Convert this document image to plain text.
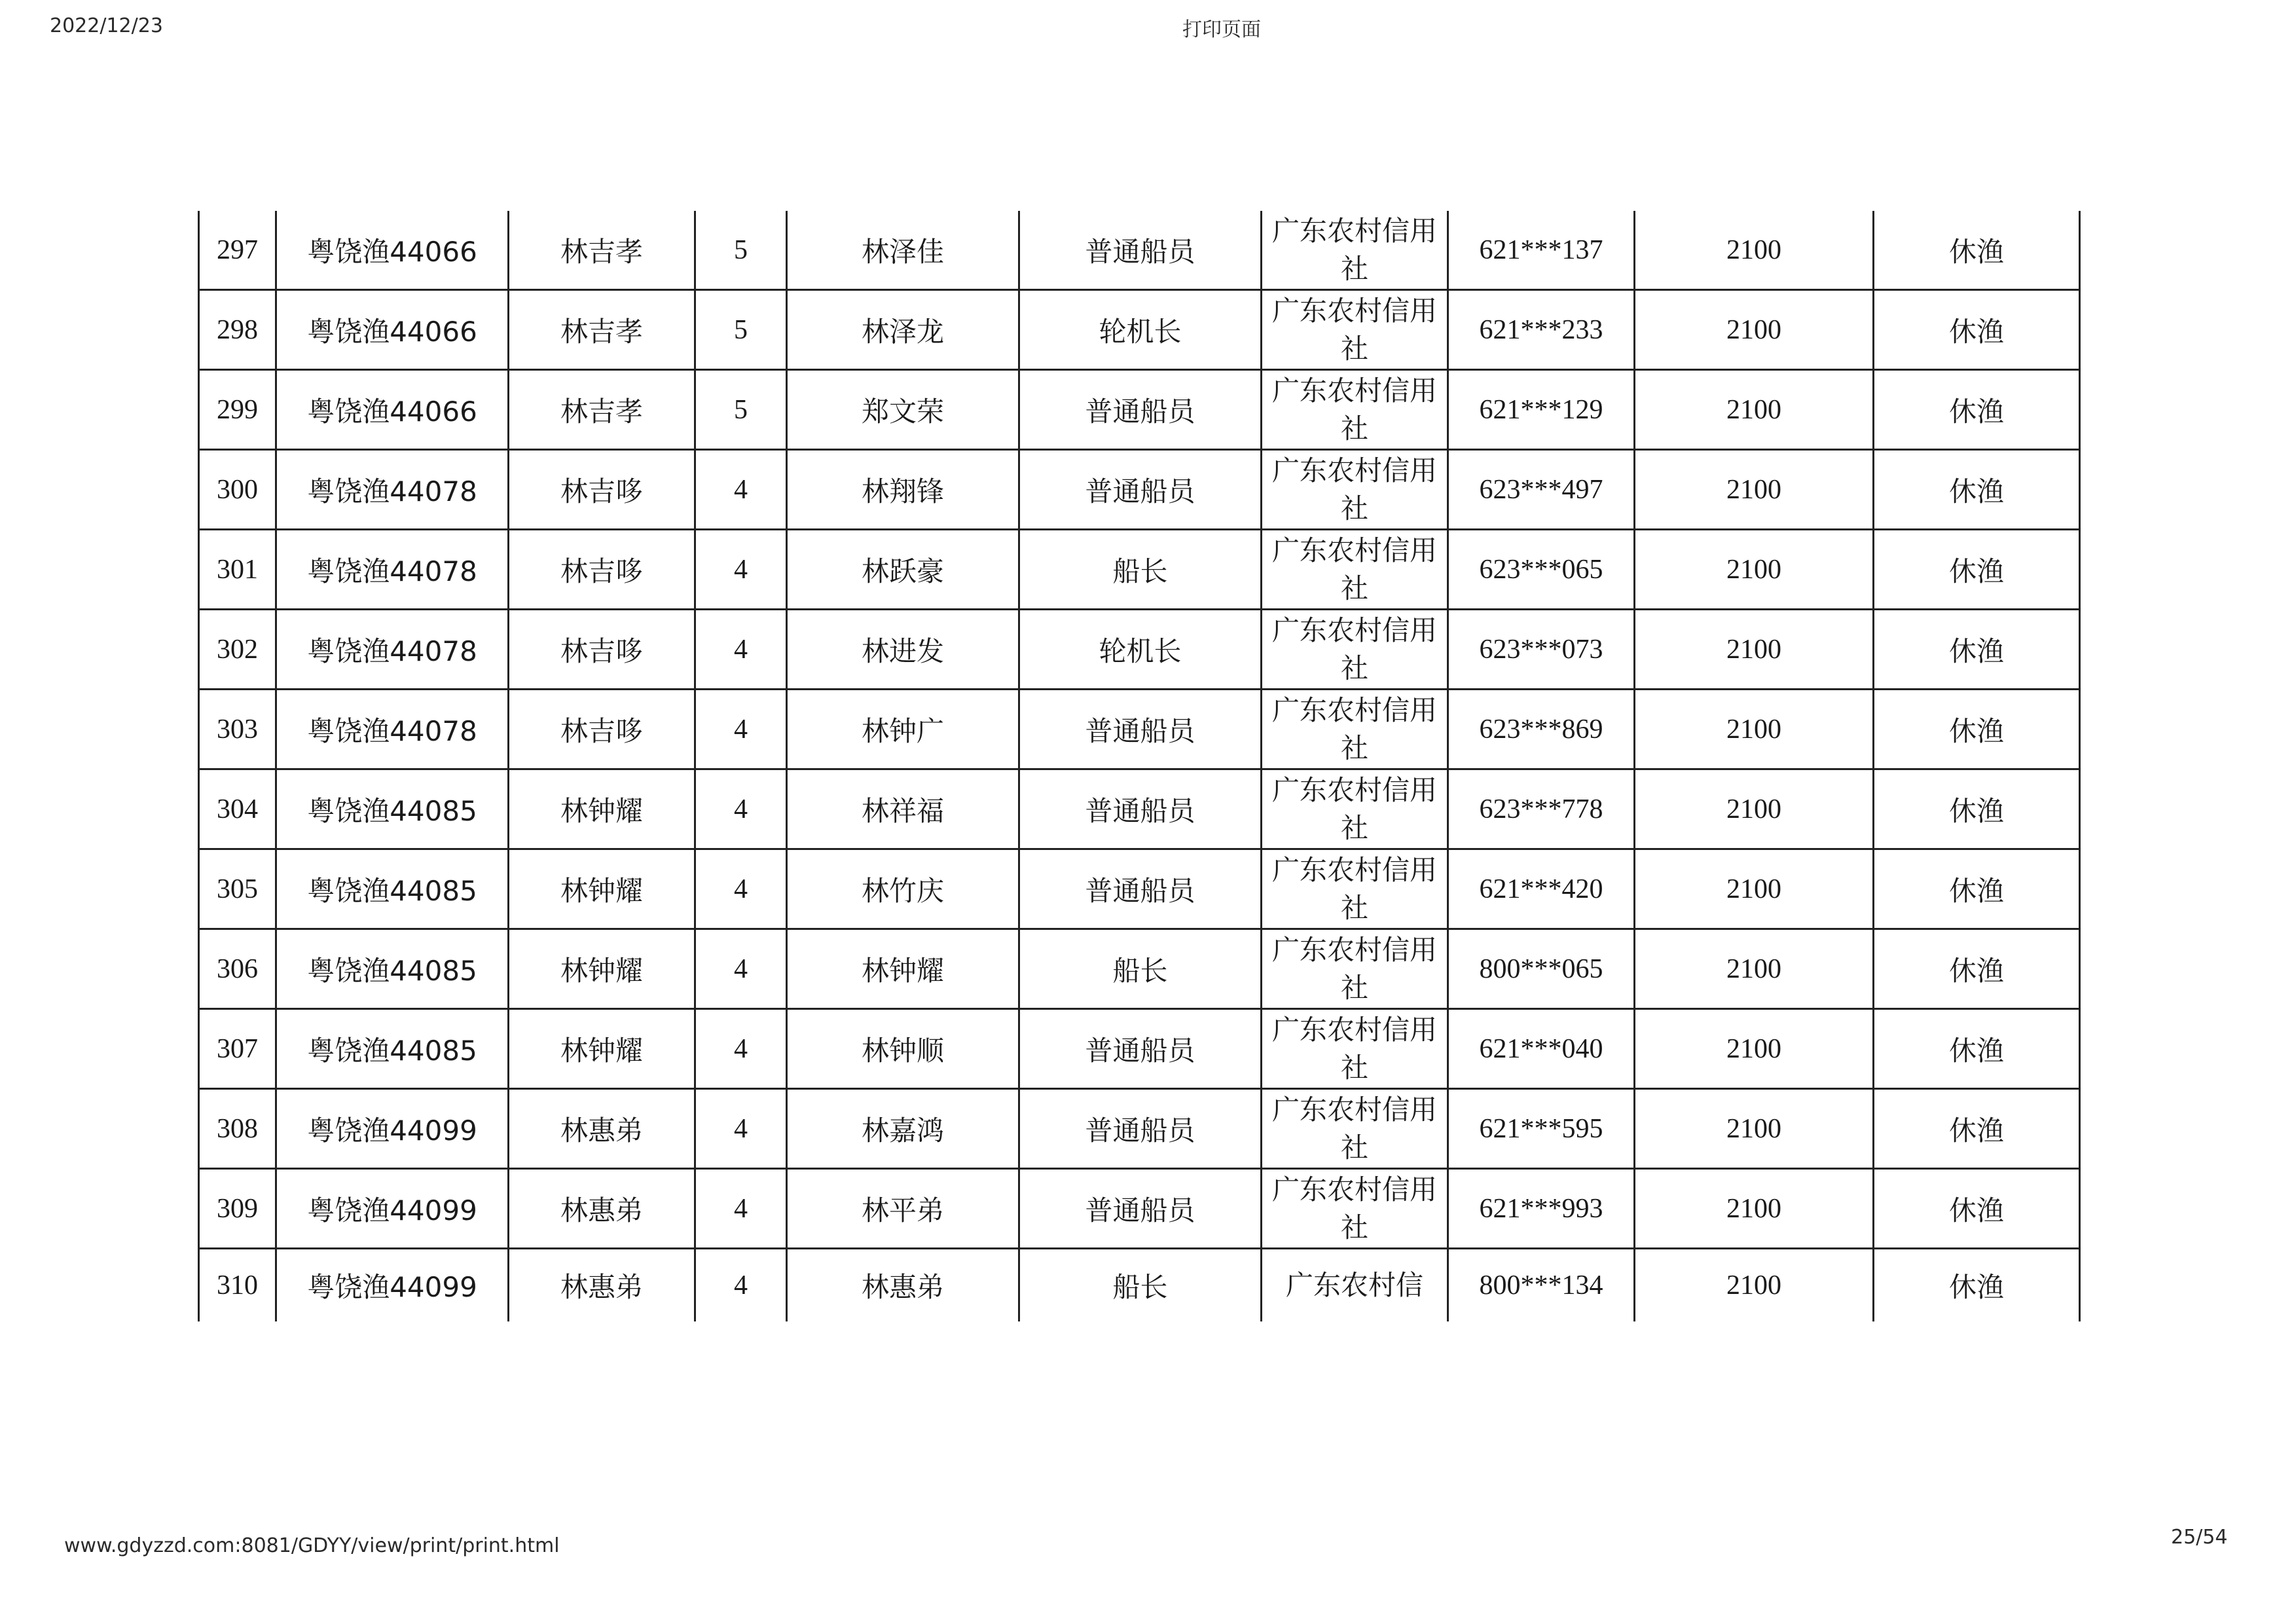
2022/12/23	打印页面
297	粤饶渔44066	林吉孝	5	林泽佳	普通船员	广东农村信用社	621***137	2100	休渔
298	粤饶渔44066	林吉孝	5	林泽龙	轮机长	广东农村信用社	621***233	2100	休渔
299	粤饶渔44066	林吉孝	5	郑文荣	普通船员	广东农村信用社	621***129	2100	休渔
300	粤饶渔44078	林吉哆	4	林翔锋	普通船员	广东农村信用社	623***497	2100	休渔
301	粤饶渔44078	林吉哆	4	林跃豪	船长	广东农村信用社	623***065	2100	休渔
302	粤饶渔44078	林吉哆	4	林进发	轮机长	广东农村信用社	623***073	2100	休渔
303	粤饶渔44078	林吉哆	4	林钟广	普通船员	广东农村信用社	623***869	2100	休渔
304	粤饶渔44085	林钟耀	4	林祥福	普通船员	广东农村信用社	623***778	2100	休渔
305	粤饶渔44085	林钟耀	4	林竹庆	普通船员	广东农村信用社	621***420	2100	休渔
306	粤饶渔44085	林钟耀	4	林钟耀	船长	广东农村信用社	800***065	2100	休渔
307	粤饶渔44085	林钟耀	4	林钟顺	普通船员	广东农村信用社	621***040	2100	休渔
308	粤饶渔44099	林惠弟	4	林嘉鸿	普通船员	广东农村信用社	621***595	2100	休渔
309	粤饶渔44099	林惠弟	4	林平弟	普通船员	广东农村信用社	621***993	2100	休渔
310	粤饶渔44099	林惠弟	4	林惠弟	船长	广东农村信	800***134	2100	休渔
www.gdyzzd.com:8081/GDYY/view/print/print.html	25/54
